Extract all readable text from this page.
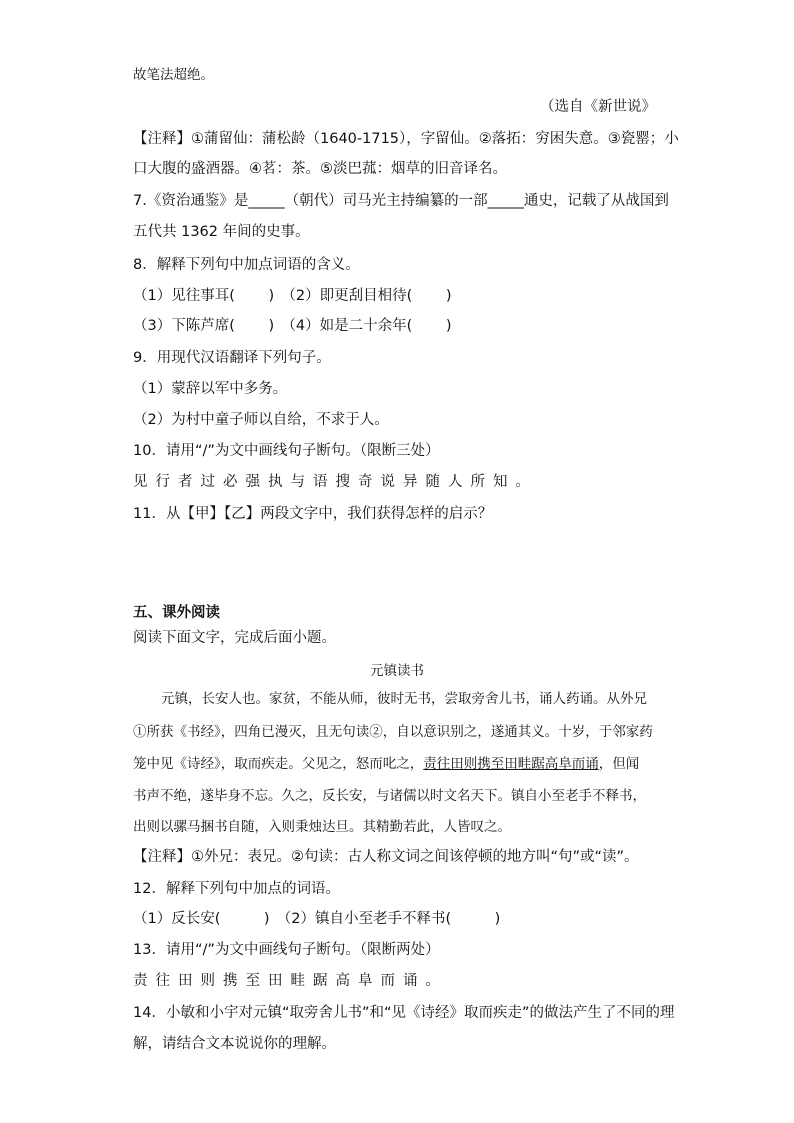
故笔法超绝。
（选自《新世说》
【注释】①蒲留仙：蒲松龄（1640-1715），字留仙。②落拓：穷困失意。③瓷罂；小
口大腹的盛酒器。④茗：茶。⑤淡巴菰：烟草的旧音译名。
7.《资治通鉴》是_____（朝代）司马光主持编纂的一部_____通史，记载了从战国到
五代共 1362 年间的史事。
8．解释下列句中加点词语的含义。
（1）见往事耳(　　 )　（2）即更刮目相待(　　 )
（3）下陈芦席(　　 )　（4）如是二十余年(　　 )
9．用现代汉语翻译下列句子。
（1）蒙辞以军中多务。
（2）为村中童子师以自给，不求于人。
10．请用“/”为文中画线句子断句。（限断三处）
见行者过必强执与语搜奇说异随人所知。
11．从【甲】【乙】两段文字中，我们获得怎样的启示？
五、课外阅读
阅读下面文字，完成后面小题。
元镇读书
元镇，长安人也。家贫，不能从师，彼时无书，尝取旁舍儿书，诵人药诵。从外兄
①所获《书经》，四角已漫灭，且无句读②，自以意识别之，遂通其义。十岁，于邻家药
笼中见《诗经》，取而疾走。父见之，怒而叱之，责往田则携至田畦踞高阜而诵，但闻
书声不绝，遂毕身不忘。久之，反长安，与诸儒以时文名天下。镇自小至老手不释书，
出则以骡马捆书自随，入则秉烛达旦。其精勤若此，人皆叹之。
【注释】①外兄：表兄。②句读：古人称文词之间该停顿的地方叫“句”或“读”。
12．解释下列句中加点的词语。
（1）反长安(　　　)　（2）镇自小至老手不释书(　　　)
13．请用“/”为文中画线句子断句。（限断两处）
责往田则携至田畦踞高阜而诵。
14．小敏和小宇对元镇“取旁舍儿书”和“见《诗经》取而疾走”的做法产生了不同的理
解，请结合文本说说你的理解。
